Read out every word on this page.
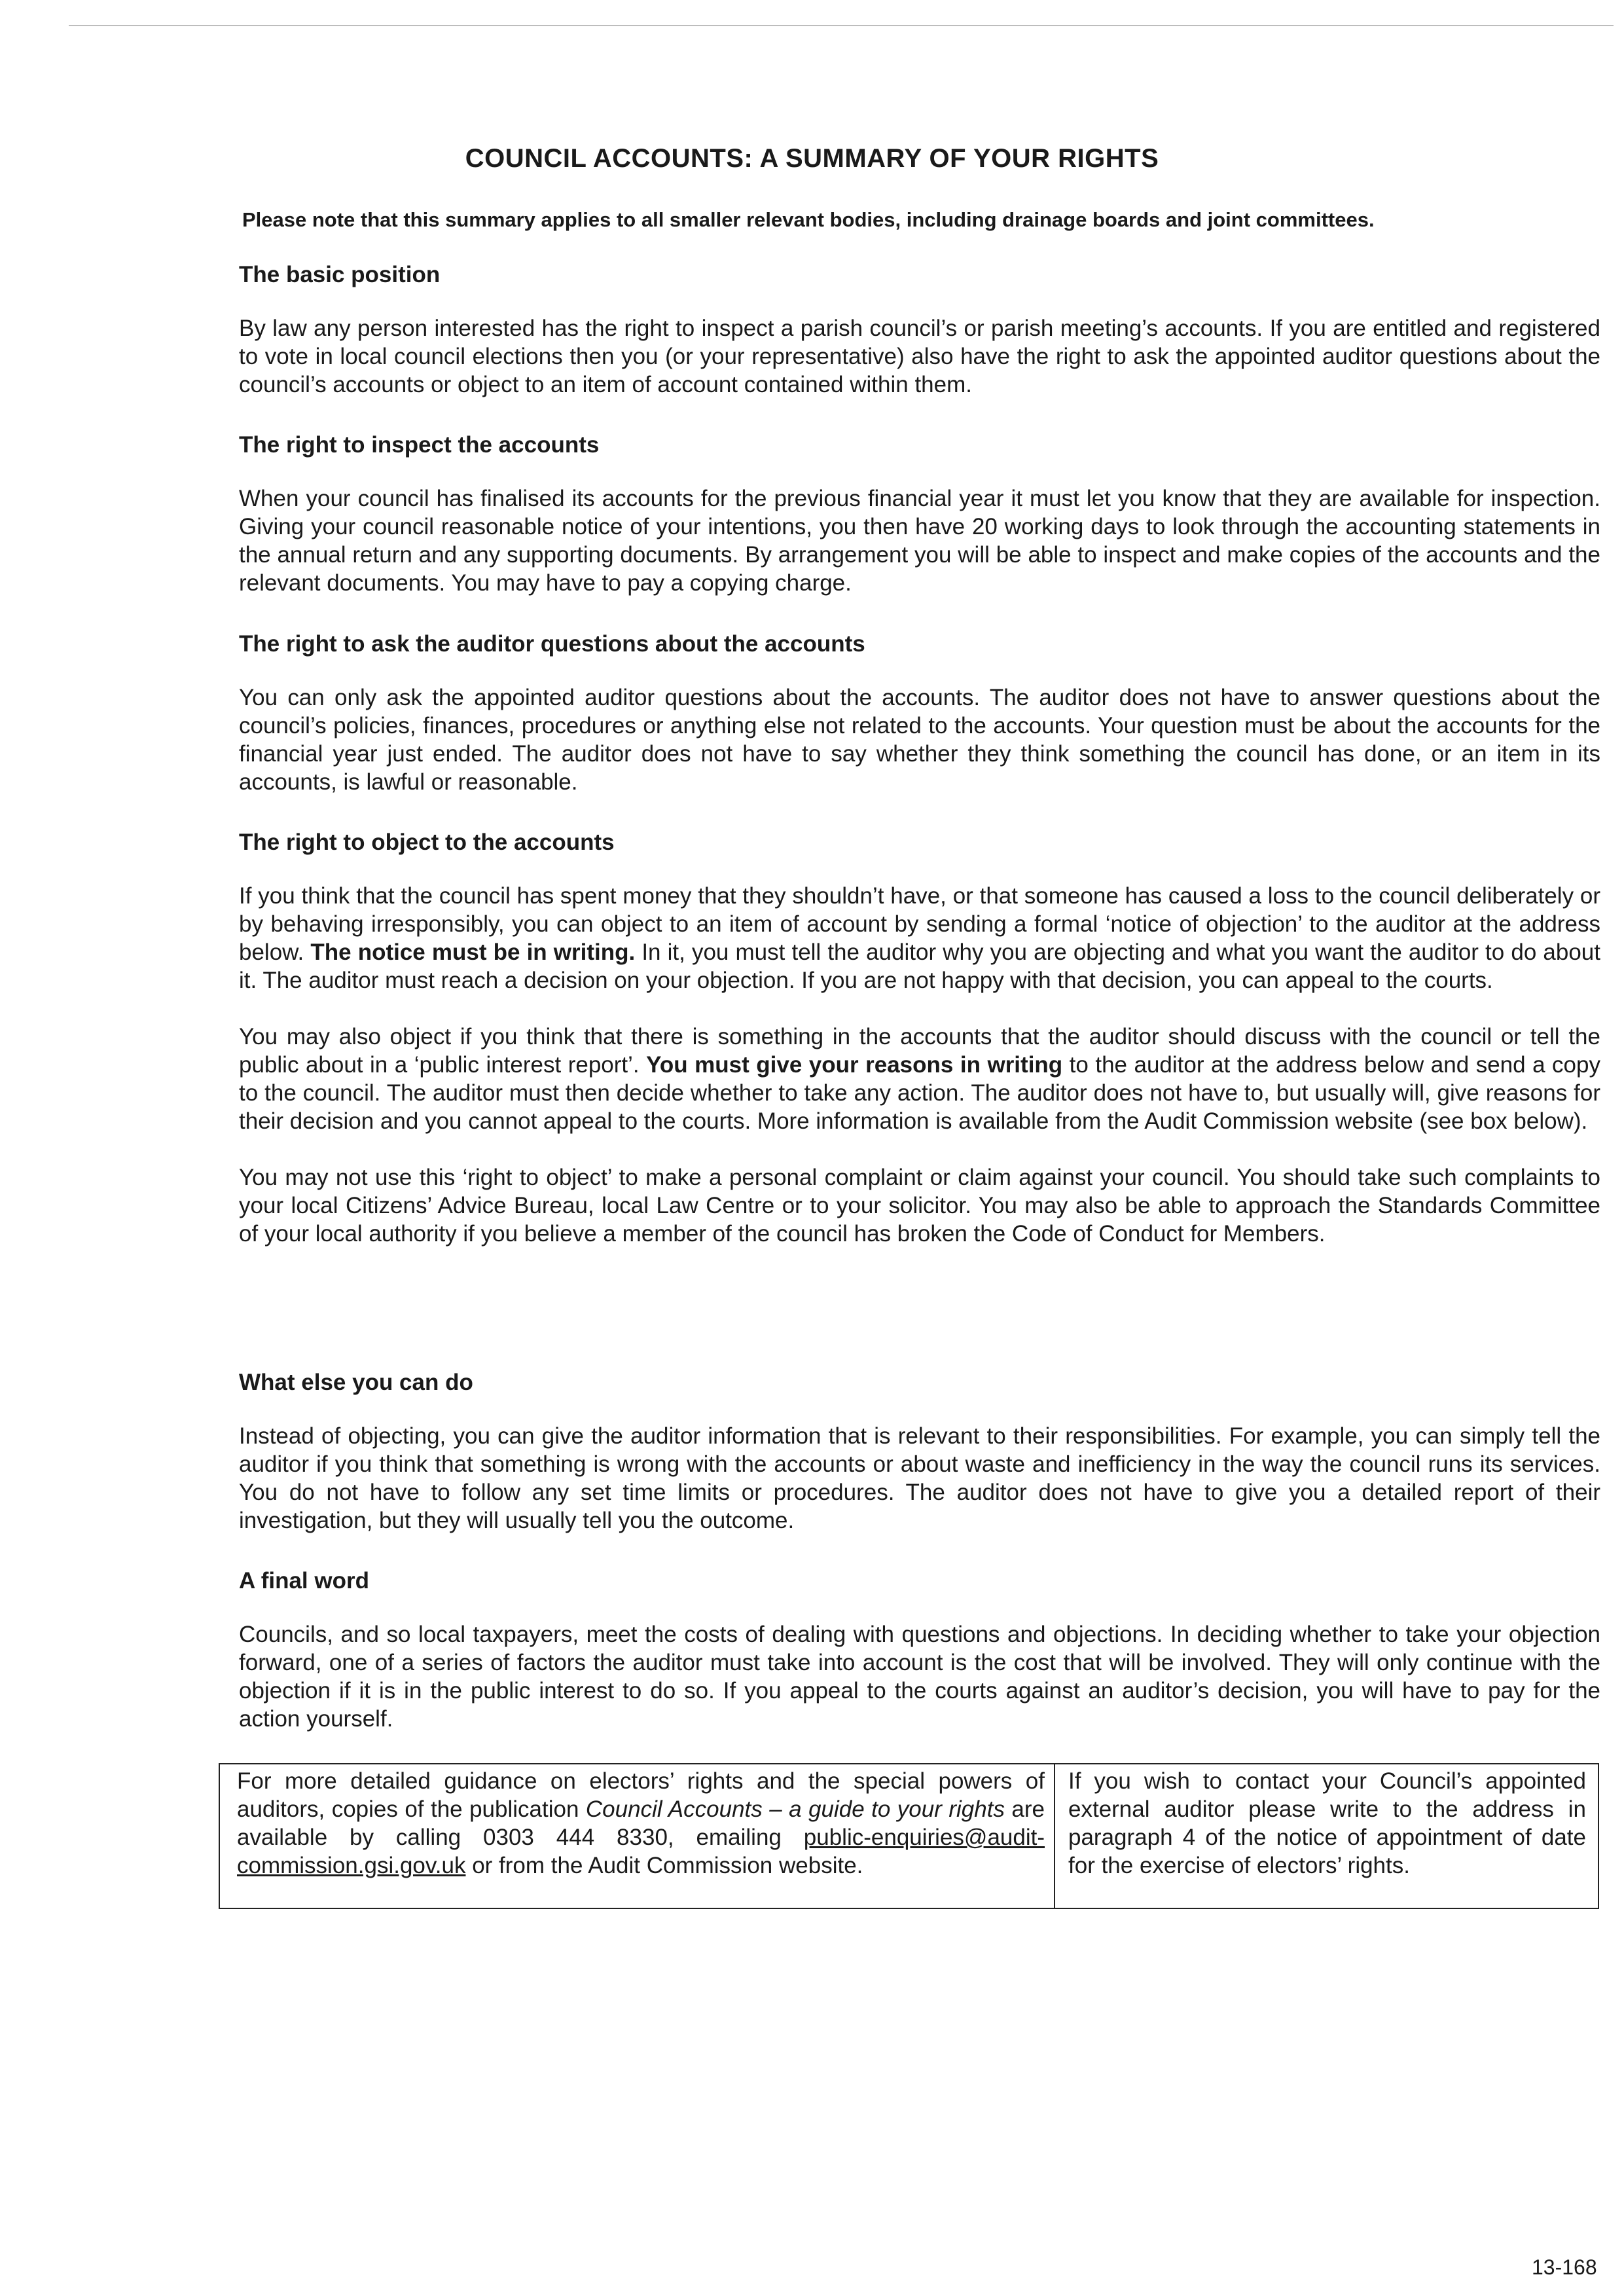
COUNCIL ACCOUNTS: A SUMMARY OF YOUR RIGHTS
Please note that this summary applies to all smaller relevant bodies, including drainage boards and joint committees.

The basic position

By law any person interested has the right to inspect a parish council’s or parish meeting’s accounts. If you are entitled and registered to vote in local council elections then you (or your representative) also have the right to ask the appointed auditor questions about the council’s accounts or object to an item of account contained within them.

The right to inspect the accounts

When your council has finalised its accounts for the previous financial year it must let you know that they are available for inspection. Giving your council reasonable notice of your intentions, you then have 20 working days to look through the accounting statements in the annual return and any supporting documents. By arrangement you will be able to inspect and make copies of the accounts and the relevant documents. You may have to pay a copying charge.

The right to ask the auditor questions about the accounts

You can only ask the appointed auditor questions about the accounts. The auditor does not have to answer questions about the council’s policies, finances, procedures or anything else not related to the accounts. Your question must be about the accounts for the financial year just ended. The auditor does not have to say whether they think something the council has done, or an item in its accounts, is lawful or reasonable.

The right to object to the accounts

If you think that the council has spent money that they shouldn’t have, or that someone has caused a loss to the council deliberately or by behaving irresponsibly, you can object to an item of account by sending a formal ‘notice of objection’ to the auditor at the address below. The notice must be in writing. In it, you must tell the auditor why you are objecting and what you want the auditor to do about it. The auditor must reach a decision on your objection. If you are not happy with that decision, you can appeal to the courts.

You may also object if you think that there is something in the accounts that the auditor should discuss with the council or tell the public about in a ‘public interest report’. You must give your reasons in writing to the auditor at the address below and send a copy to the council. The auditor must then decide whether to take any action. The auditor does not have to, but usually will, give reasons for their decision and you cannot appeal to the courts. More information is available from the Audit Commission website (see box below).

You may not use this ‘right to object’ to make a personal complaint or claim against your council. You should take such complaints to your local Citizens’ Advice Bureau, local Law Centre or to your solicitor. You may also be able to approach the Standards Committee of your local authority if you believe a member of the council has broken the Code of Conduct for Members.

What else you can do

Instead of objecting, you can give the auditor information that is relevant to their responsibilities. For example, you can simply tell the auditor if you think that something is wrong with the accounts or about waste and inefficiency in the way the council runs its services. You do not have to follow any set time limits or procedures. The auditor does not have to give you a detailed report of their investigation, but they will usually tell you the outcome.

A final word

Councils, and so local taxpayers, meet the costs of dealing with questions and objections. In deciding whether to take your objection forward, one of a series of factors the auditor must take into account is the cost that will be involved. They will only continue with the objection if it is in the public interest to do so. If you appeal to the courts against an auditor’s decision, you will have to pay for the action yourself.

For more detailed guidance on electors’ rights and the special powers of auditors, copies of the publication Council Accounts – a guide to your rights are available by calling 0303 444 8330, emailing public-enquiries@audit-commission.gsi.gov.uk or from the Audit Commission website.
If you wish to contact your Council’s appointed external auditor please write to the address in paragraph 4 of the notice of appointment of date for the exercise of electors’ rights.
13-168
